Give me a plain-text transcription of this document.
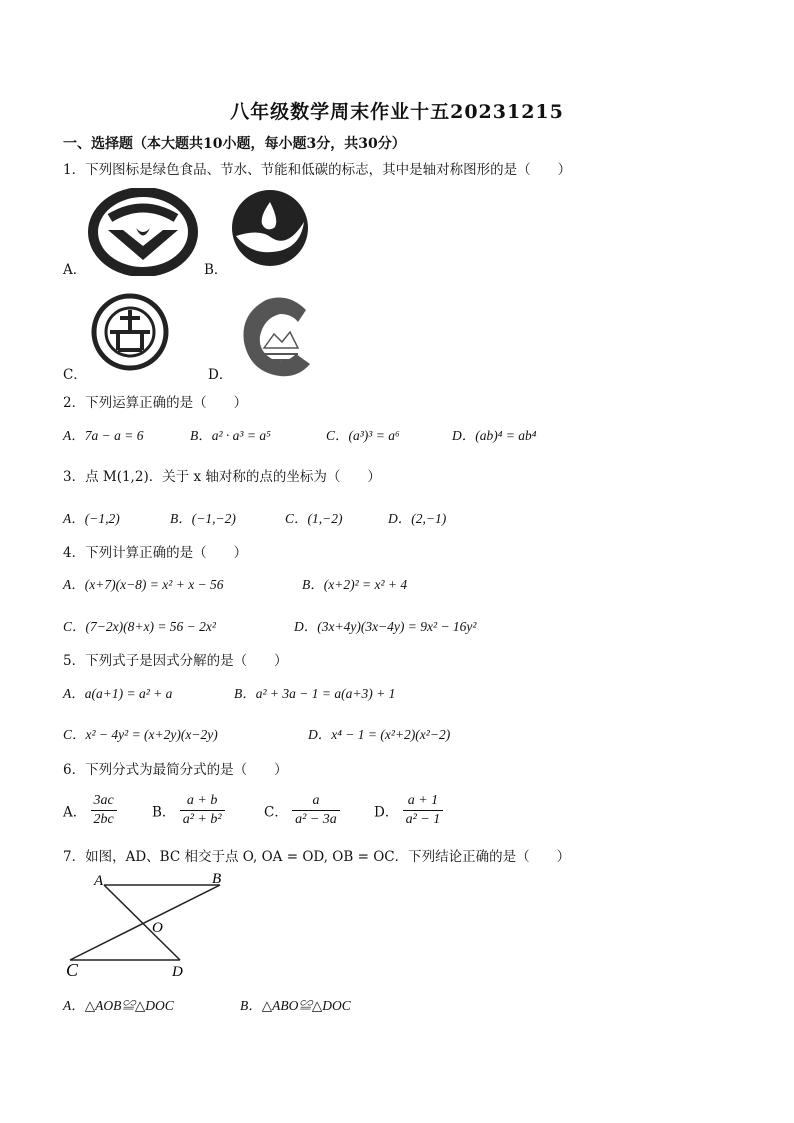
八年级数学周末作业十五20231215
一、选择题（本大题共10小题，每小题3分，共30分）
1．下列图标是绿色食品、节水、节能和低碳的标志，其中是轴对称图形的是（　　）
A．	B．
C．	D．
2．下列运算正确的是（　　）
A．7a − a = 6	B．a² · a³ = a⁵	C．(a³)³ = a⁶	D．(ab)⁴ = ab⁴
3．点 M(1,2)．关于 x 轴对称的点的坐标为（　　）
A．(−1,2)	B．(−1,−2)	C．(1,−2)	D．(2,−1)
4．下列计算正确的是（　　）
A．(x+7)(x−8) = x² + x − 56	B．(x+2)² = x² + 4
C．(7−2x)(8+x) = 56 − 2x²	D．(3x+4y)(3x−4y) = 9x² − 16y²
5．下列式子是因式分解的是（　　）
A．a(a+1) = a² + a	B．a² + 3a − 1 = a(a+3) + 1
C．x² − 4y² = (x+2y)(x−2y)	D．x⁴ − 1 = (x²+2)(x²−2)
6．下列分式为最简分式的是（　　）
A． $\frac{3ac}{2bc}$	B． $\frac{a + b}{\text{a² + b²}}$	C． $\frac{a}{\text{a² − 3a}}$	D． $\frac{a + 1}{\text{a² − 1}}$
7．如图，AD、BC 相交于点 O, OA = OD, OB = OC．下列结论正确的是（　　）
A	B
O
C	D
A．△AOB≌△DOC	B．△ABO≌△DOC
